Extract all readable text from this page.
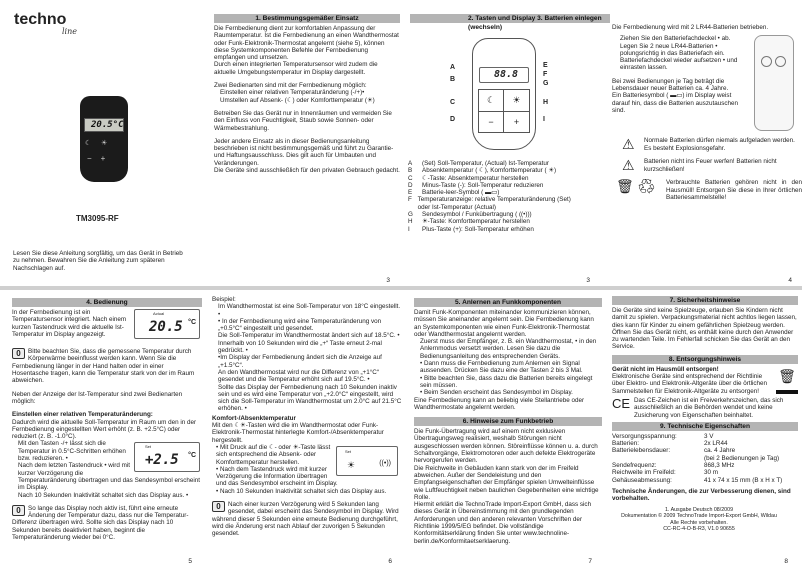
techno
line
20.5°C
☾     ☀
−    +
TM3095-RF
Lesen Sie diese Anleitung sorgfältig, um das Gerät in Betrieb zu nehmen. Bewahren Sie die Anleitung zum späteren Nachschlagen auf.
1. Bestimmungsgemäßer Einsatz

Die Fernbedienung dient zur komfortablen Anpassung der Raumtemperatur. Ist die Fernbedienung an einen Wandthermostat oder Funk-Elektronik-Thermostat angelernt (siehe 5), können diese Systemkomponenten Befehle der Fernbedienung empfangen und umsetzen.

Durch einen integrierten Temperatursensor wird zudem die aktuelle Umgebungstemperatur im Display dargestellt.

Zwei Bedienarten sind mit der Fernbedienung möglich:
Einstellen einer relativen Temperaturänderung (-/+)•

Umstellen auf Absenk- (☾) oder Komforttemperatur (☀)

Betreiben Sie das Gerät nur in Innenräumen und vermeiden Sie den Einfluss von Feuchtigkeit, Staub sowie Sonnen- oder Wärmebestrahlung.

Jeder andere Einsatz als in dieser Bedienungsanleitung beschrieben ist nicht bestimmungsgemäß und führt zu Garantie- und Haftungsausschluss. Dies gilt auch für Umbauten und Veränderungen.
Die Geräte sind ausschließlich für den privaten Gebrauch gedacht.
3
2. Tasten und Display 3. Batterien einlegen (wechseln)
88.8
☾	☀
−	+
A
B
C
D
E
F
G
H
I
A	(Set) Soll-Temperatur, (Actual) Ist-Temperatur
B	Absenktemperatur ( ☾), Komforttemperatur ( ☀)
C	☾-Taste: Absenktemperatur herstellen
D	Minus-Taste (-): Soll-Temperatur reduzieren
E	Batterie-leer-Symbol ( ▬▭)
F Temperaturanzeige: relative Temperaturänderung (Set) oder Ist-Temperatur (Actual)
G	Sendesymbol / Funkübertragung ( ((•)))
H	☀-Taste: Komforttemperatur herstellen
I	Plus-Taste (+): Soll-Temperatur erhöhen
3

Die Fernbedienung wird mit 2 LR44-Batterien betrieben.

Ziehen Sie den Batteriefachdeckel • ab.
Legen Sie 2 neue LR44-Batterien • polungsrichtig in das Batteriefach ein.
Batteriefachdeckel wieder aufsetzen • und einrasten lassen.
Bei zwei Bedienungen je Tag beträgt die Lebensdauer neuer Batterien ca. 4 Jahre.

Ein Batteriesymbol ( ▬▭) im Display weist darauf hin, dass die Batterien auszutauschen sind.

⚠	Normale Batterien dürfen niemals aufgeladen werden. Es besteht Explosionsgefahr.
⚠	Batterien nicht ins Feuer werfen! Batterien nicht kurzschließen!
🗑 ♻	Verbrauchte Batterien gehören nicht in den Hausmüll! Entsorgen Sie diese in Ihrer örtlichen Batteriesammelstelle!
4
4. Bedienung
Actual
20.5 °C

In der Fernbedienung ist ein Temperatursensor integriert. Nach einem kurzen Tastendruck wird die aktuelle Ist-Temperatur im Display angezeigt.

0	Bitte beachten Sie, dass die gemessene Temperatur durch Körperwärme beeinflusst werden kann. Wenn Sie die Fernbedienung länger in der Hand halten oder in einer Hosentasche tragen, kann die Temperatur stark von der im Raum abweichen.

Neben der Anzeige der Ist-Temperatur sind zwei Bedienarten möglich:

Einstellen einer relativen Temperaturänderung:
Dadurch wird die aktuelle Soll-Temperatur im Raum um den in der Fernbedienung eingestellten Wert erhöht (z. B. +2.5°C) oder reduziert (z. B. -1.0°C).
Set
+2.5 °C
Mit den Tasten -/+ lässt sich die Temperatur in 0.5°C-Schritten erhöhen bzw. reduzieren. •
Nach dem letzten Tastendruck • wird mit kurzer Verzögerung die Temperaturänderung übertragen und das Sendesymbol erscheint im Display.

Nach 10 Sekunden Inaktivität schaltet sich das Display aus. •

0	So lange das Display noch aktiv ist, führt eine erneute Änderung der Temperatur dazu, dass nur die Temperatur-Differenz übertragen wird. Sollte sich das Display nach 10 Sekunden bereits deaktiviert haben, beginnt die Temperaturänderung wieder bei 0°C.

5
Beispiel:
Im Wandthermostat ist eine Soll-Temperatur von 18°C eingestellt. •
• In der Fernbedienung wird eine Temperaturänderung von „+0.5°C“ eingestellt und gesendet.
Die Soll-Temperatur im Wandthermostat ändert sich auf 18.5°C. •
Innerhalb von 10 Sekunden wird die „+“ Taste erneut 2-mal gedrückt. •
•Im Display der Fernbedienung ändert sich die Anzeige auf „+1.5°C“.
An den Wandthermostat wird nur die Differenz von „+1°C“ gesendet und die Temperatur erhöht sich auf 19.5°C. •
Sollte das Display der Fernbedienung nach 10 Sekunden inaktiv sein und es wird eine Temperatur von „+2.0°C“ eingestellt, wird sich die Soll-Temperatur im Wandthermostat um 2.0°C auf 21.5°C erhöhen. •
Komfort-/Absenktemperatur
Mit den ☾☀-Tasten wird die im Wandthermostat oder Funk-Elektronik-Thermostat hinterlegte Komfort-/Absenktemperatur hergestellt.
Set
☀	((•))
• Mit Druck auf die ☾- oder ☀-Taste lässt sich entsprechend die Absenk- oder Komforttemperatur herstellen.
• Nach dem Tastendruck wird mit kurzer Verzögerung die Information übertragen und das Sendesymbol erscheint im Display.

• Nach 10 Sekunden Inaktivität schaltet sich das Display aus.

0	Nach einer kurzen Verzögerung wird 5 Sekunden lang gesendet, dabei erscheint das Sendesymbol im Display. Wird während dieser 5 Sekunden eine erneute Bedienung durchgeführt, wird die Änderung erst nach Ablauf der zuvorigen 5 Sekunden gesendet.

6
5. Anlernen an Funkkomponenten
Damit Funk-Komponenten miteinander kommunizieren können, müssen Sie aneinander angelernt sein. Die Fernbedienung kann an Systemkomponenten wie einen Funk-Elektronik-Thermostat oder Wandthermostat angelernt werden.
Zuerst muss der Empfänger, z. B. ein Wandthermostat, • in den Anlernmodus versetzt werden. Lesen Sie dazu die Bedienungsanleitung des entsprechenden Geräts.
• Dann muss die Fernbedienung zum Anlernen ein Signal aussenden. Drücken Sie dazu eine der Tasten 2 bis 3 Mal.
• Bitte beachten Sie, dass dazu die Batterien bereits eingelegt sein müssen.
• Beim Senden erscheint das Sendesymbol im Display.

Eine Fernbedienung kann an beliebig viele Stellantriebe oder Wandthermostate angelernt werden.

6. Hinweise zum Funkbetrieb
Die Funk-Übertragung wird auf einem nicht exklusiven Übertragungsweg realisiert, weshalb Störungen nicht ausgeschlossen werden können. Störeinflüsse können u. a. durch Schaltvorgänge, Elektromotoren oder auch defekte Elektrogeräte hervorgerufen werden.
Die Reichweite in Gebäuden kann stark von der im Freifeld abweichen. Außer der Sendeleistung und den Empfangseigenschaften der Empfänger spielen Umwelteinflüsse wie Luftfeuchtigkeit neben baulichen Gegebenheiten eine wichtige Rolle.
Hiermit erklärt die TechnoTrade Import-Export GmbH, dass sich dieses Gerät in Übereinstimmung mit den grundlegenden Anforderungen und den anderen relevanten Vorschriften der Richtlinie 1999/5/EG befindet. Die vollständige Konformitätserklärung finden Sie unter www.technoline-berlin.de/Konformitaetserklaerung.
7
7. Sicherheitshinweise
Die Geräte sind keine Spielzeuge, erlauben Sie Kindern nicht damit zu spielen. Verpackungsmaterial nicht achtlos liegen lassen, dies kann für Kinder zu einem gefährlichen Spielzeug werden.

Öffnen Sie das Gerät nicht, es enthält keine durch den Anwender zu wartenden Teile. Im Fehlerfall schicken Sie das Gerät an den Service.

8. Entsorgungshinweis
🗑
Gerät nicht im Hausmüll entsorgen!
Elektronische Geräte sind entsprechend der Richtlinie über Elektro- und Elektronik-Altgeräte über die örtlichen Sammelstellen für Elektronik-Altgeräte zu entsorgen!
CE Das CE-Zeichen ist ein Freiverkehrszeichen, das sich ausschließlich an die Behörden wendet und keine Zusicherung von Eigenschaften beinhaltet.
9. Technische Eigenschaften
Versorgungsspannung:	3 V
Batterien:	2x LR44
Batterielebensdauer:	ca. 4 Jahre
(bei 2 Bedienungen je Tag)
Sendefrequenz:	868,3 MHz
Reichweite im Freifeld:	30 m
Gehäuseabmessung:	41 x 74 x 15 mm (B x H x T)

Technische Änderungen, die zur Verbesserung dienen, sind vorbehalten.

1. Ausgabe Deutsch 08/2009
Dokumentation © 2009 TechnoTrade Import-Export GmbH, Wildau
Alle Rechte vorbehalten.
CC-RC-4-O-B-R3, V1.0 90655
8
